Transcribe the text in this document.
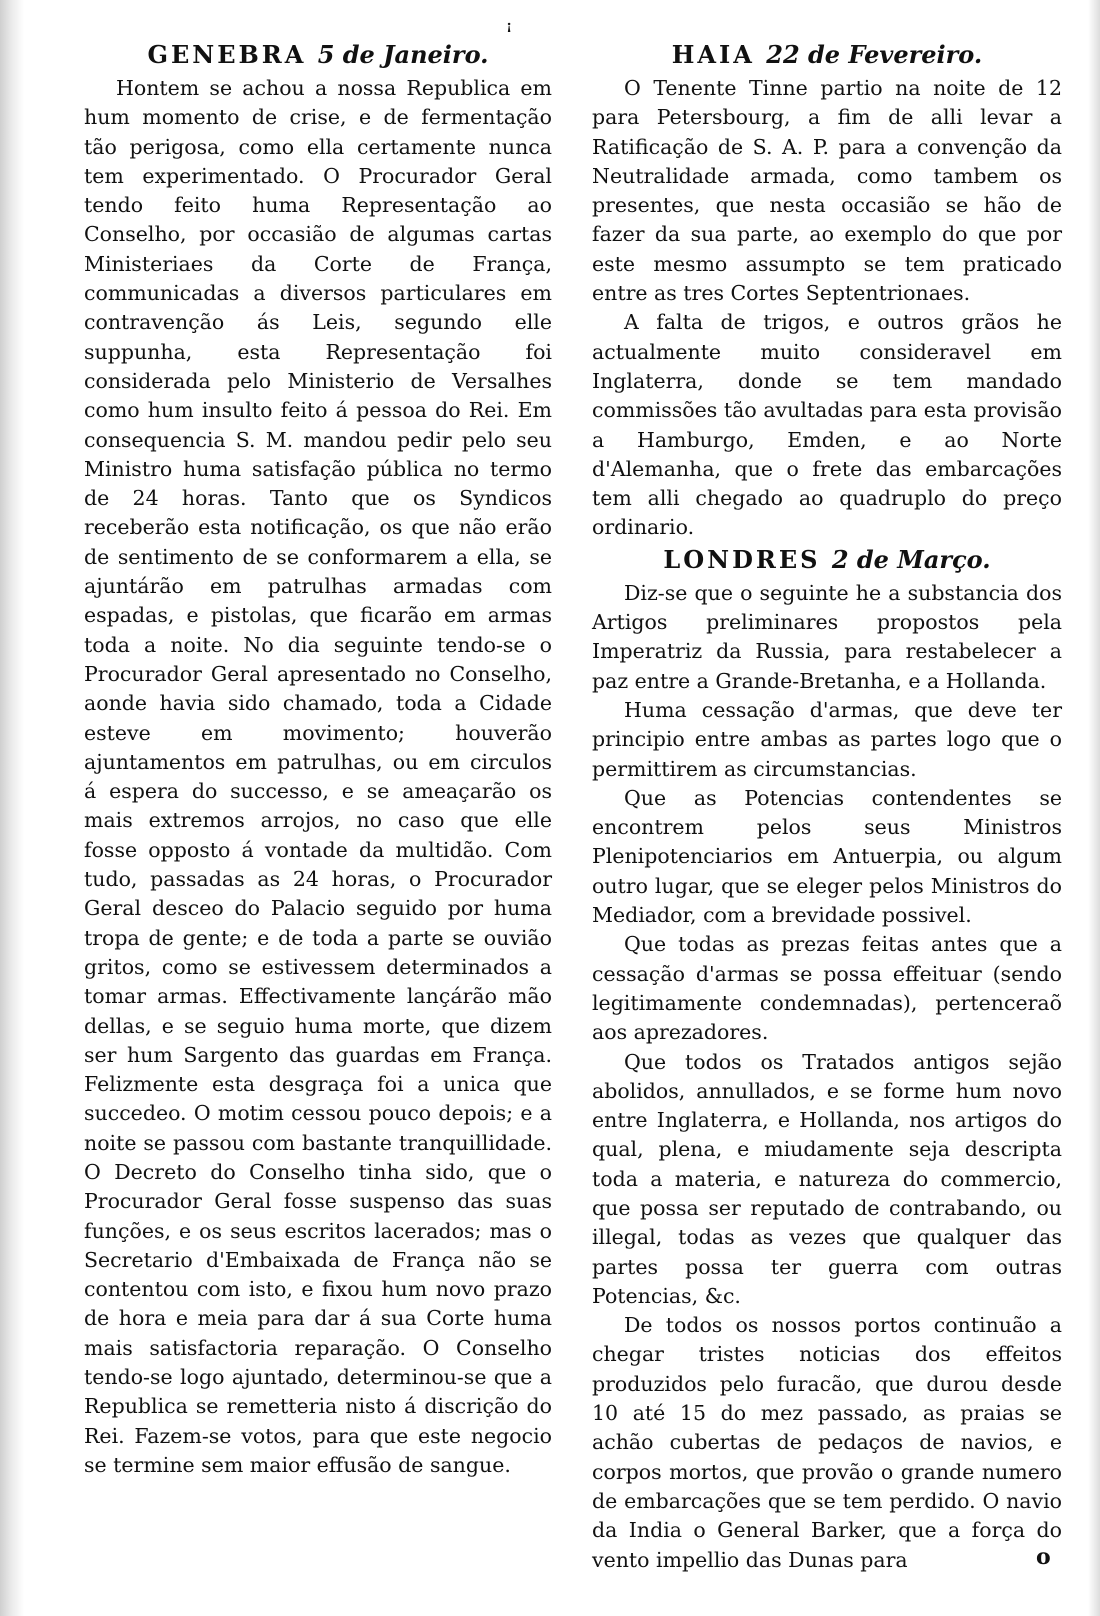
ꜟ
GENEBRA 5 de Janeiro.

Hontem se achou a nossa Republica em hum momento de crise, e de fermentação tão perigosa, como ella certamente nunca tem experimentado. O Procurador Geral tendo feito huma Representação ao Conselho, por occasião de algumas cartas Ministeriaes da Corte de França, communicadas a diversos particulares em contravenção ás Leis, segundo elle suppunha, esta Representação foi considerada pelo Ministerio de Versalhes como hum insulto feito á pessoa do Rei. Em consequencia S. M. mandou pedir pelo seu Ministro huma satisfação pública no termo de 24 horas. Tanto que os Syndicos receberão esta notificação, os que não erão de sentimento de se conformarem a ella, se ajuntárão em patrulhas armadas com espadas, e pistolas, que ficarão em armas toda a noite. No dia seguinte tendo-se o Procurador Geral apresentado no Conselho, aonde havia sido chamado, toda a Cidade esteve em movimento; houverão ajuntamentos em patrulhas, ou em circulos á espera do successo, e se ameaçarão os mais extremos arrojos, no caso que elle fosse opposto á vontade da multidão. Com tudo, passadas as 24 horas, o Procurador Geral desceo do Palacio seguido por huma tropa de gente; e de toda a parte se ouvião gritos, como se estivessem determinados a tomar armas. Effectivamente lançárão mão dellas, e se seguio huma morte, que dizem ser hum Sargento das guardas em França. Felizmente esta desgraça foi a unica que succedeo. O motim cessou pouco depois; e a noite se passou com bastante tranquillidade. O Decreto do Conselho tinha sido, que o Procurador Geral fosse suspenso das suas funções, e os seus escritos lacerados; mas o Secretario d'Embaixada de França não se contentou com isto, e fixou hum novo prazo de hora e meia para dar á sua Corte huma mais satisfactoria reparação. O Conselho tendo-se logo ajuntado, determinou-se que a Republica se remetteria nisto á discrição do Rei. Fazem-se votos, para que este negocio se termine sem maior effusão de sangue.

HAIA 22 de Fevereiro.

O Tenente Tinne partio na noite de 12 para Petersbourg, a fim de alli levar a Ratificação de S. A. P. para a convenção da Neutralidade armada, como tambem os presentes, que nesta occasião se hão de fazer da sua parte, ao exemplo do que por este mesmo assumpto se tem praticado entre as tres Cortes Septentrionaes.

A falta de trigos, e outros grãos he actualmente muito consideravel em Inglaterra, donde se tem mandado commissões tão avultadas para esta provisão a Hamburgo, Emden, e ao Norte d'Alemanha, que o frete das embarcações tem alli chegado ao quadruplo do preço ordinario.

LONDRES 2 de Março.

Diz-se que o seguinte he a substancia dos Artigos preliminares propostos pela Imperatriz da Russia, para restabelecer a paz entre a Grande-Bretanha, e a Hollanda.

Huma cessação d'armas, que deve ter principio entre ambas as partes logo que o permittirem as circumstancias.

Que as Potencias contendentes se encontrem pelos seus Ministros Plenipotenciarios em Antuerpia, ou algum outro lugar, que se eleger pelos Ministros do Mediador, com a brevidade possivel.

Que todas as prezas feitas antes que a cessação d'armas se possa effeituar (sendo legitimamente condemnadas), pertenceraõ aos aprezadores.

Que todos os Tratados antigos sejão abolidos, annullados, e se forme hum novo entre Inglaterra, e Hollanda, nos artigos do qual, plena, e miudamente seja descripta toda a materia, e natureza do commercio, que possa ser reputado de contrabando, ou illegal, todas as vezes que qualquer das partes possa ter guerra com outras Potencias, &c.

De todos os nossos portos continuão a chegar tristes noticias dos effeitos produzidos pelo furacão, que durou desde 10 até 15 do mez passado, as praias se achão cubertas de pedaços de navios, e corpos mortos, que provão o grande numero de embarcações que se tem perdido. O navio da India o General Barker, que a força do vento impellio das Dunas para	o
